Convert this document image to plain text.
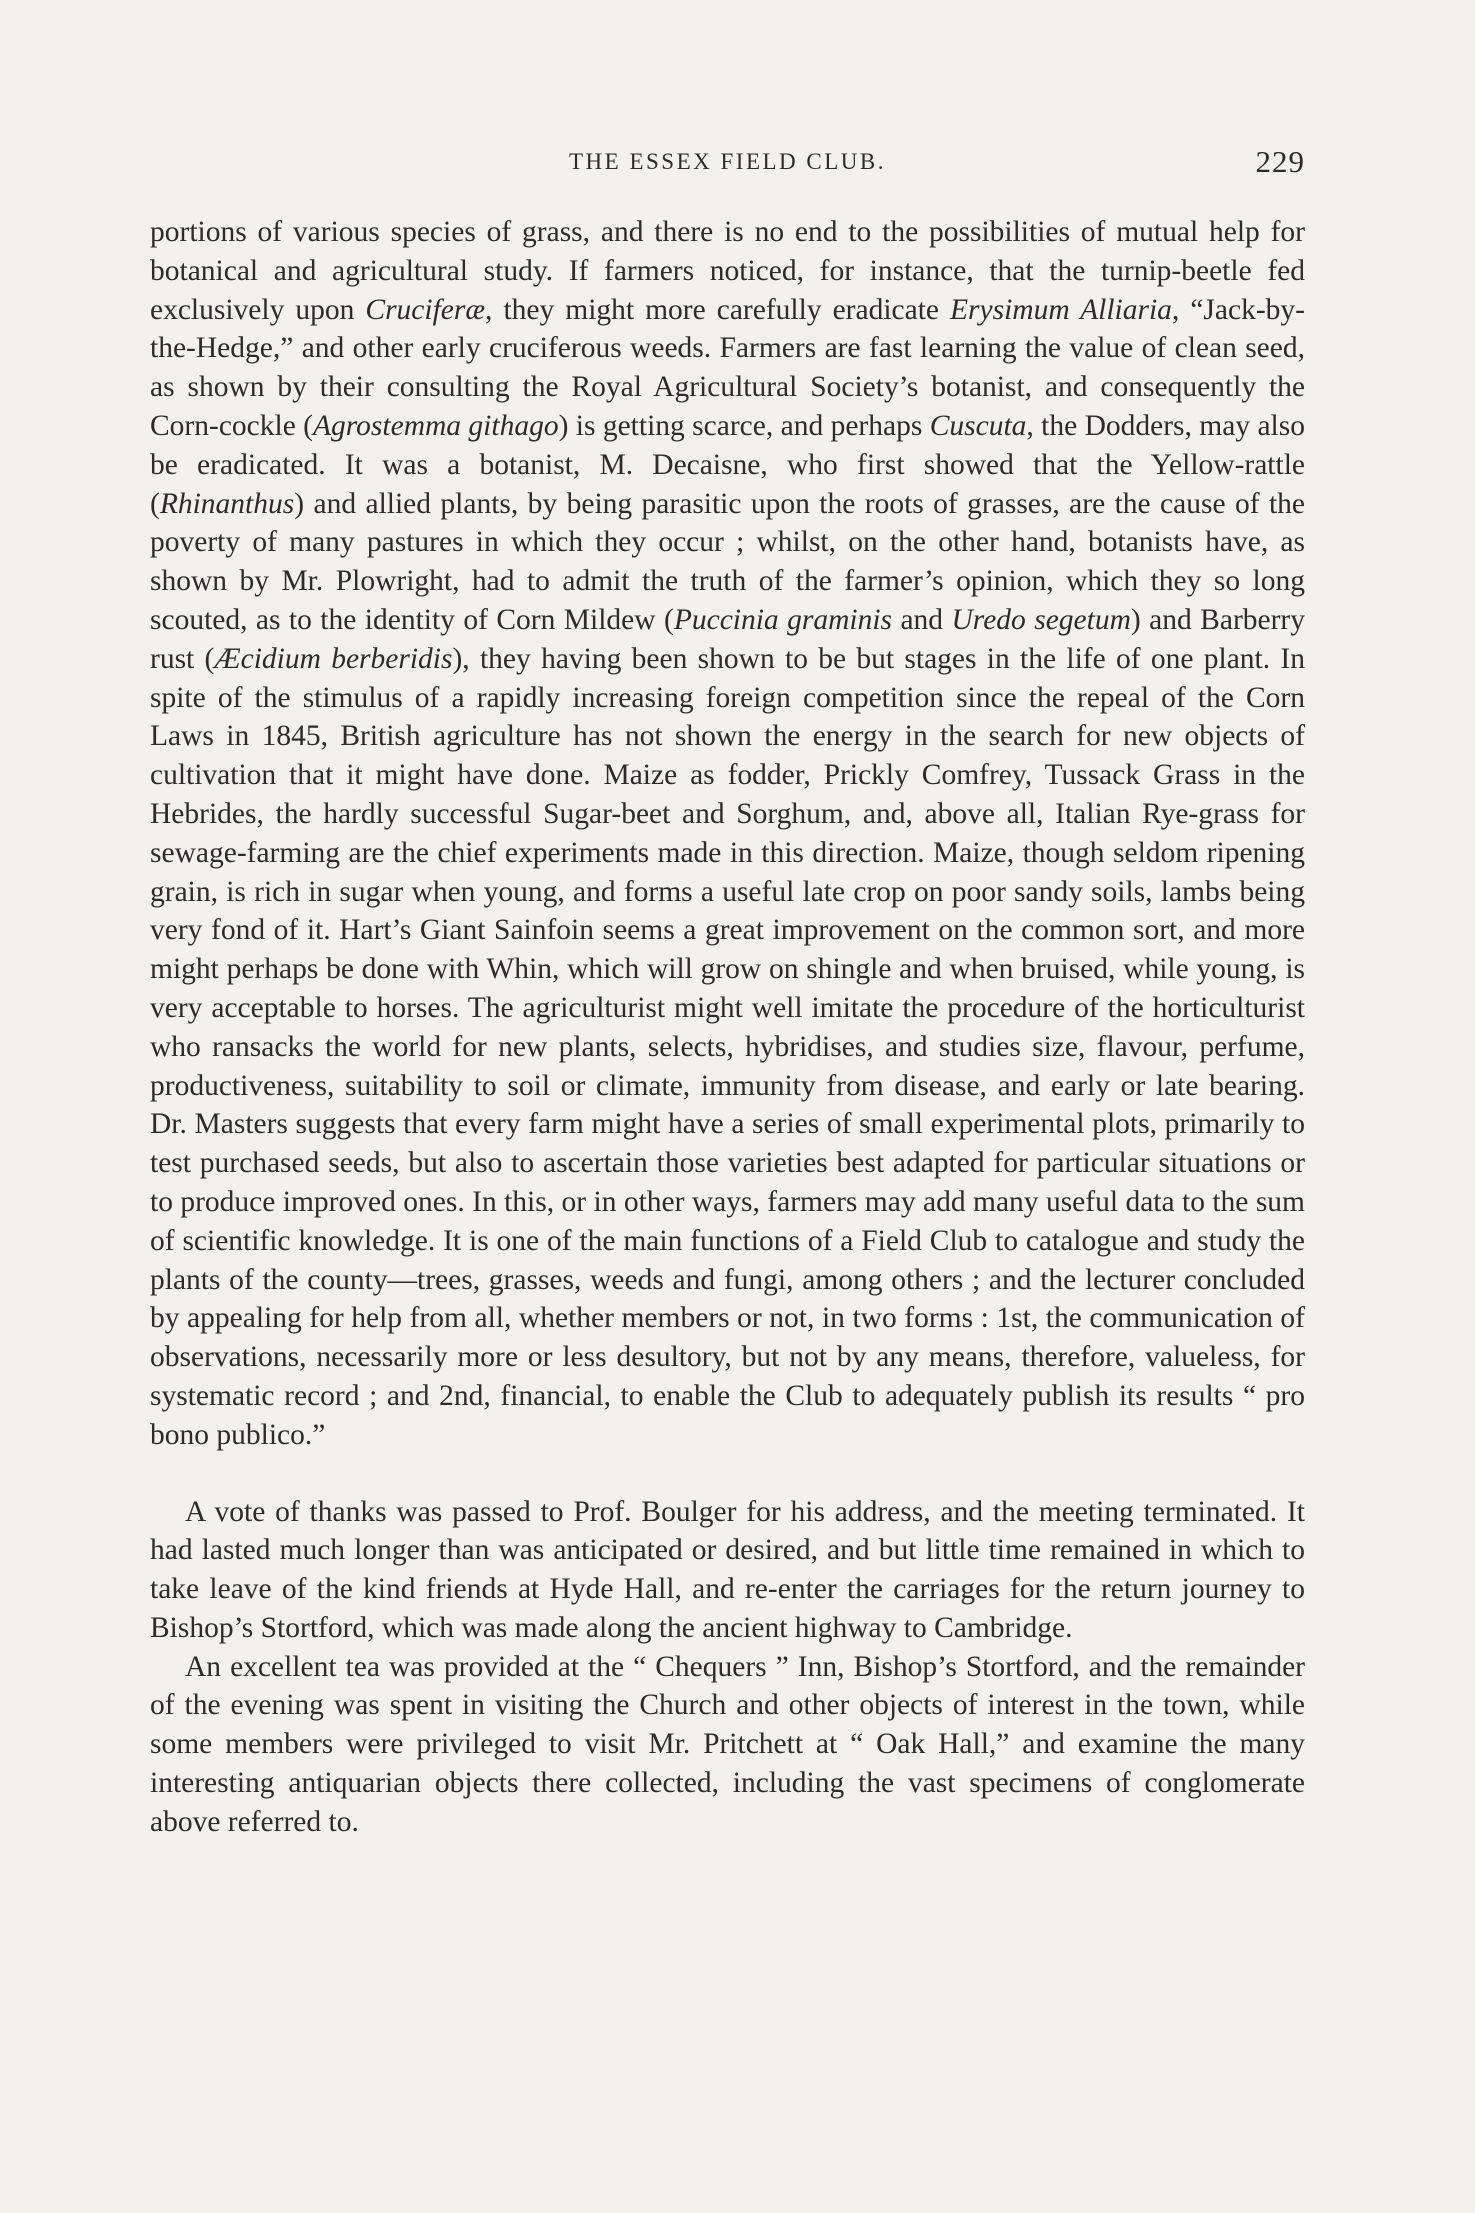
THE ESSEX FIELD CLUB.	229

portions of various species of grass, and there is no end to the possibilities of mutual help for botanical and agricultural study. If farmers noticed, for instance, that the turnip-beetle fed exclusively upon Cruciferæ, they might more carefully eradicate Erysimum Alliaria, “Jack-by-the-Hedge,” and other early cruciferous weeds. Farmers are fast learning the value of clean seed, as shown by their consulting the Royal Agricultural Society’s botanist, and consequently the Corn-cockle (Agrostemma githago) is getting scarce, and perhaps Cuscuta, the Dodders, may also be eradicated. It was a botanist, M. Decaisne, who first showed that the Yellow-rattle (Rhinanthus) and allied plants, by being parasitic upon the roots of grasses, are the cause of the poverty of many pastures in which they occur ; whilst, on the other hand, botanists have, as shown by Mr. Plowright, had to admit the truth of the farmer’s opinion, which they so long scouted, as to the identity of Corn Mildew (Puccinia graminis and Uredo segetum) and Barberry rust (Æcidium berberidis), they having been shown to be but stages in the life of one plant. In spite of the stimulus of a rapidly increasing foreign competition since the repeal of the Corn Laws in 1845, British agriculture has not shown the energy in the search for new objects of cultivation that it might have done. Maize as fodder, Prickly Comfrey, Tussack Grass in the Hebrides, the hardly successful Sugar-beet and Sorghum, and, above all, Italian Rye-grass for sewage-farming are the chief experiments made in this direction. Maize, though seldom ripening grain, is rich in sugar when young, and forms a useful late crop on poor sandy soils, lambs being very fond of it. Hart’s Giant Sainfoin seems a great improvement on the common sort, and more might perhaps be done with Whin, which will grow on shingle and when bruised, while young, is very acceptable to horses. The agriculturist might well imitate the procedure of the horticulturist who ransacks the world for new plants, selects, hybridises, and studies size, flavour, perfume, productiveness, suitability to soil or climate, immunity from disease, and early or late bearing. Dr. Masters suggests that every farm might have a series of small experimental plots, primarily to test purchased seeds, but also to ascertain those varieties best adapted for particular situations or to produce improved ones. In this, or in other ways, farmers may add many useful data to the sum of scientific knowledge. It is one of the main functions of a Field Club to catalogue and study the plants of the county—trees, grasses, weeds and fungi, among others ; and the lecturer concluded by appealing for help from all, whether members or not, in two forms : 1st, the communication of observations, necessarily more or less desultory, but not by any means, therefore, valueless, for systematic record ; and 2nd, financial, to enable the Club to adequately publish its results “ pro bono publico.”

A vote of thanks was passed to Prof. Boulger for his address, and the meeting terminated. It had lasted much longer than was anticipated or desired, and but little time remained in which to take leave of the kind friends at Hyde Hall, and re-enter the carriages for the return journey to Bishop’s Stortford, which was made along the ancient highway to Cambridge.

An excellent tea was provided at the “ Chequers ” Inn, Bishop’s Stortford, and the remainder of the evening was spent in visiting the Church and other objects of interest in the town, while some members were privileged to visit Mr. Pritchett at “ Oak Hall,” and examine the many interesting antiquarian objects there collected, including the vast specimens of conglomerate above referred to.
